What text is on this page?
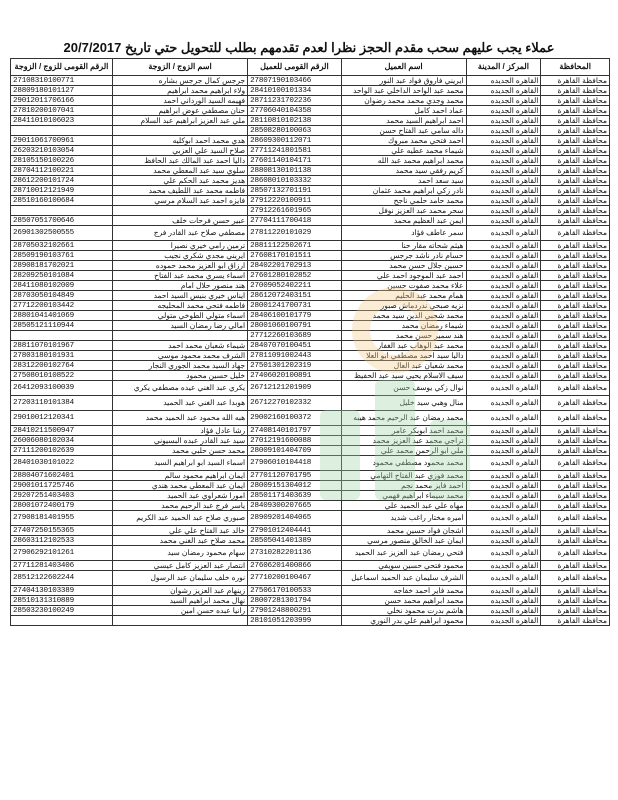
عملاء يجب عليهم سحب مقدم الحجز نظرا لعدم تقدمهم بطلب للتحويل حتي تاريخ 20/7/2017
المحافظة	المركز / المدينة	اسم العميل	الرقم القومى للعميل	اسم الزوج / الزوجة	الرقم القومى للزوج / الزوجة
محافظة القاهرة	القاهره الجديده	ايريني فاروق فواد عبد النور	27807190103466	جرجس كمال جرجس بشاره	27108310100771
محافظة القاهرة	القاهره الجديده	محمد عبد الواحد الداخلي عبد الواحد	28410100101334	ولاء ابراهيم محمد ابراهيم	28809180101127
محافظة القاهرة	القاهره الجديده	محمد وجدي محمد محمد رضوان	28711231702236	فهيمه السيد الورداني احمد	29012011706166
محافظة القاهرة	القاهره الجديده	عماد احمد كامل	27706040104358	حنان مصطفي عوض ابراهيم	27810200107041
محافظة القاهرة	القاهره الجديده	احمد ابراهيم السيد محمد	28110810102138	ملي عبد العزيز ابراهيم عبد السلام	28411010106023
محافظة القاهرة	القاهره الجديده	داله سامي عبد الفتاح حسن	28508280100063		
محافظة القاهرة	القاهره الجديده	احمد فتحي محمد مبروك	28609300112071	هدي محمد احمد ابوكليه	29011061700961
محافظة القاهرة	القاهره الجديده	شيماء محمد عطيه علي	27711241801581	صلاح السيد علي العزبي	26203210103054
محافظة القاهرة	القاهره الجديده	محمد ابراهيم محمد عبد الله	27601140104171	داليا احمد عبد المالك عبد الحافظ	28105150100226
محافظة القاهرة	القاهره الجديده	كريم رفقي سيد محمد	28808130101138	سلوي سيد عبد المعطي محمد	28704112100221
محافظة القاهرة	القاهره الجديده	سيد سعد احمد	28608010103332	هديز محمد عبد الحكم علي	28612200101724
محافظة القاهرة	القاهره الجديده	نادر زكي ابراهيم محمد عثمان	28507132701191	فاطمه محمد عبد اللطيف محمد	28710012121949
محافظة القاهرة	القاهره الجديده	محمد حامد حلمي ناجح	27912220100911	فايزه احمد عبد السلام مرسي	28510160100684
محافظة القاهرة	القاهره الجديده	سحر محمد عبد العزيز نوفل	27912261601965		
محافظة القاهرة	القاهره الجديده	ايمن عبد العظيم محمد	27704111700418	عبير حسن فرحات خلف	28507051700646
محافظة القاهرة	القاهره الجديده	سمر عاطف فؤاد	27811220101029	مصطفي صلاح عبد القادر فرج	26901302500555
محافظة القاهرة	القاهره الجديده	هيثم شحاته مقار حنا	28811122502671	ترمين رامي خيري نصيرا	28705032102661
محافظة القاهرة	القاهره الجديده	حسام نادر ناشد جرجس	27608170101511	ايريني مجدي شكري نجيب	28509190103761
محافظة القاهرة	القاهره الجديده	حسين جلال حسن محمد	28402201702913	ارزاق ابو العزيز محمد حموده	28908181702021
محافظة القاهرة	القاهره الجديده	احمد عبد الموجود احمد علي	27601280102852	اسماء يسري محمد عبد الفتاح	28209250101084
محافظة القاهرة	القاهره الجديده	علاء محمد صفوت حسين	27009052402211	هند منصور حلال امام	28411080102009
محافظة القاهرة	القاهره الجديده	همام محمد عبد الحليم	28612072403151	ايناس خيري بنيس السيد احمد	28703050104849
محافظة القاهرة	القاهره الجديده	نزيه صبحي ندردماش صبور	28001241700731	فاطمه فتحي محمد المحليجه	27712200103442
محافظة القاهرة	القاهره الجديده	محمد شحبي الدين سيد محمد	28406100101779	اسماء متولي الطوخي متولي	28801041401069
محافظة القاهرة	القاهره الجديده	شيماء رمضان محمد	28001060100791	امالي رضا رمضان السيد	28505121110944
محافظة القاهرة	القاهره الجديده	هند سمير حسن محمد	27712260103689		
محافظة القاهرة	القاهره الجديده	محمد عبد الوهاب عبد الغفار	28407070100451	شيماء شعبان محمد احمد	28811070101967
محافظة القاهرة	القاهره الجديده	داليا سيد احمد مصطفي ابو العلا	27811091002443	الشرف محمد محمود موسي	27803180101931
محافظة القاهرة	القاهره الجديده	محمد شعبان عبد العال	27501301202319	جهاد السيد محمد الجوري النجار	28312200102764
محافظة القاهرة	القاهره الجديده	سيف الاسلام يحيي سيد عبد الحفيظ	27406020100891	خليل حسين محمود	27508010108522
محافظة القاهرة	القاهره الجديده	نوال زكي يوسف حسن	26712121201909	يكري عبد الغني عيده مصطفي يكري	26412093100039
محافظة القاهرة	القاهره الجديده	منال وهبي سيد خليل	26712270102332	هوبدا عبد الغني عبد الحميد	27203110101384
محافظة القاهرة	القاهره الجديده	محمد رمضان عبد الرحيم محمد هيبه	29002160100372	هبه الله محمود عبد الحميد محمد	29010012120341
محافظة القاهرة	القاهره الجديده	محمد احمد ابوبكر عامر	27408140101797	رشا عادل فؤاد	28410211500947
محافظة القاهرة	القاهره الجديده	تراجي محمد عبد العزيز محمد	27012191600088	سيد عبد القادر عبده البسيوني	26006080102034
محافظة القاهرة	القاهره الجديده	ملي ابو الرحمن محمد علي	28009101404709	محمد حسن حلبي محمد	27111200102639
محافظة القاهرة	القاهره الجديده	محمد محمود مصطفي محمود	27906010104418	اسماء السيد ابو ابراهيم السيد	28401030101022
محافظة القاهرة	القاهره الجديده	محمد فوزي عبد الفتاح التهامي	27701120701795	ايمان ابراهيم محمود سالم	28804071602401
محافظة القاهرة	القاهره الجديده	احمد فايز محمد نجم	28009151304012	ايمان عبد المعطي محمد هندي	29001011725746
محافظة القاهرة	القاهره الجديده	محمد سيماء ابراهيم فهمي	28501171403639	امورا شعراوي عبد الحميد	29207251403403
محافظة القاهرة	القاهره الجديده	مهاه علي عبد الحميد علي	28409300207665	ياسر فرج عبد الرحيم محمد	28001072400179
محافظة القاهرة	القاهره الجديده	اميره مختار راغب شديد	28909201404065	صبوري صلاح عبد الحميد عبد الكريم	27908181401955
محافظة القاهرة	القاهره الجديده	اشجان فواد حسين محمد	27901012404441	خالد عبد الفتاح علي علي	27407250155365
محافظة القاهرة	القاهره الجديده	ايمان عبد الخالق منصور مرسي	28505041401389	محمد صلاح عبد الغني محمد	28603112102533
محافظة القاهرة	القاهره الجديده	فتحي رمضان عبد العزيز عبد الحميد	27310282201136	سهام محمود رمضان سيد	27906292101261
محافظة القاهرة	القاهره الجديده	محمود فتحي حسين سويفي	27606201400866	انتصار عبد العزيز كامل عيسي	27711281403406
محافظة القاهرة	القاهره الجديده	الشرف سليمان عبد الحميد اسماعيل	27710200100467	نوره خلف سليمان عبد الرسول	28512122602244
محافظة القاهرة	القاهره الجديده	محمد فاير احمد خفاجه	27506170100533	زينهام عبد العزيز رشوان	27404130103389
محافظة القاهرة	القاهره الجديده	محمد ابراهيم محمد حسن	28007281301794	نهال محمد ابراهيم السيد	28510131310889
محافظة القاهرة	القاهره الجديده	هاشم بدرت محمود نخلي	27901248800291	رانيا عبده حسن امين	28503230100249
محافظة القاهرة	القاهره الجديده	محمود ابراهيم علي بدر النوري	28101051203999		
